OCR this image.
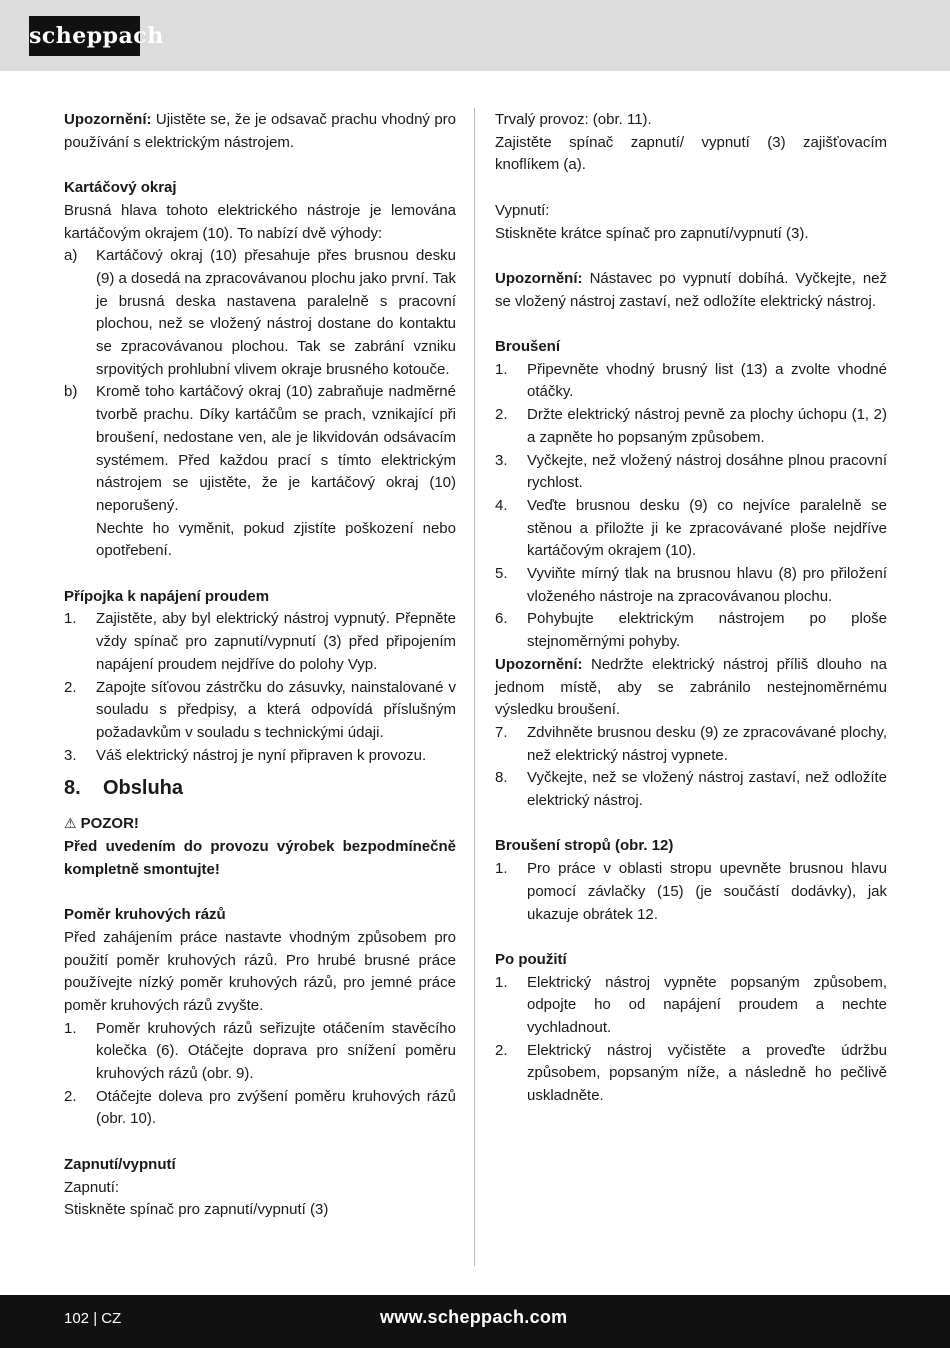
scheppach
Upozornění: Ujistěte se, že je odsavač prachu vhodný pro používání s elektrickým nástrojem.
Kartáčový okraj
Brusná hlava tohoto elektrického nástroje je lemována kartáčovým okrajem (10). To nabízí dvě výhody:
a)	Kartáčový okraj (10) přesahuje přes brusnou desku (9) a dosedá na zpracovávanou plochu jako první. Tak je brusná deska nastavena paralelně s pracovní plochou, než se vložený nástroj dostane do kontaktu se zpracovávanou plochou. Tak se zabrání vzniku srpovitých prohlubní vlivem okraje brusného kotouče.
b)	Kromě toho kartáčový okraj (10) zabraňuje nadměrné tvorbě prachu. Díky kartáčům se prach, vznikající při broušení, nedostane ven, ale je likvidován odsávacím systémem. Před každou prací s tímto elektrickým nástrojem se ujistěte, že je kartáčový okraj (10) neporušený.
Nechte ho vyměnit, pokud zjistíte poškození nebo opotřebení.
Přípojka k napájení proudem
1.	Zajistěte, aby byl elektrický nástroj vypnutý. Přepněte vždy spínač pro zapnutí/vypnutí (3) před připojením napájení proudem nejdříve do polohy Vyp.
2.	Zapojte síťovou zástrčku do zásuvky, nainstalované v souladu s předpisy, a která odpovídá příslušným požadavkům v souladu s technickými údaji.
3.	Váš elektrický nástroj je nyní připraven k provozu.
8.	Obsluha
⚠ POZOR!
Před uvedením do provozu výrobek bezpodmínečně kompletně smontujte!
Poměr kruhových rázů
Před zahájením práce nastavte vhodným způsobem pro použití poměr kruhových rázů. Pro hrubé brusné práce používejte nízký poměr kruhových rázů, pro jemné práce poměr kruhových rázů zvyšte.
1.	Poměr kruhových rázů seřizujte otáčením stavěcího kolečka (6). Otáčejte doprava pro snížení poměru kruhových rázů (obr. 9).
2.	Otáčejte doleva pro zvýšení poměru kruhových rázů (obr. 10).
Zapnutí/vypnutí
Zapnutí:
Stiskněte spínač pro zapnutí/vypnutí (3)
Trvalý provoz: (obr. 11).
Zajistěte spínač zapnutí/ vypnutí (3) zajišťovacím knoflíkem (a).
Vypnutí:
Stiskněte krátce spínač pro zapnutí/vypnutí (3).
Upozornění: Nástavec po vypnutí dobíhá. Vyčkejte, než se vložený nástroj zastaví, než odložíte elektrický nástroj.
Broušení
1.	Připevněte vhodný brusný list (13) a zvolte vhodné otáčky.
2.	Držte elektrický nástroj pevně za plochy úchopu (1, 2) a zapněte ho popsaným způsobem.
3.	Vyčkejte, než vložený nástroj dosáhne plnou pracovní rychlost.
4.	Veďte brusnou desku (9) co nejvíce paralelně se stěnou a přiložte ji ke zpracovávané ploše nejdříve kartáčovým okrajem (10).
5.	Vyviňte mírný tlak na brusnou hlavu (8) pro přiložení vloženého nástroje na zpracovávanou plochu.
6.	Pohybujte elektrickým nástrojem po ploše stejnoměrnými pohyby.
Upozornění: Nedržte elektrický nástroj příliš dlouho na jednom místě, aby se zabránilo nestejnoměrnému výsledku broušení.
7.	Zdvihněte brusnou desku (9) ze zpracovávané plochy, než elektrický nástroj vypnete.
8.	Vyčkejte, než se vložený nástroj zastaví, než odložíte elektrický nástroj.
Broušení stropů (obr. 12)
1.	Pro práce v oblasti stropu upevněte brusnou hlavu pomocí závlačky (15) (je součástí dodávky), jak ukazuje obrátek 12.
Po použití
1.	Elektrický nástroj vypněte popsaným způsobem, odpojte ho od napájení proudem a nechte vychladnout.
2.	Elektrický nástroj vyčistěte a proveďte údržbu způsobem, popsaným níže, a následně ho pečlivě uskladněte.
102 | CZ	www.scheppach.com
